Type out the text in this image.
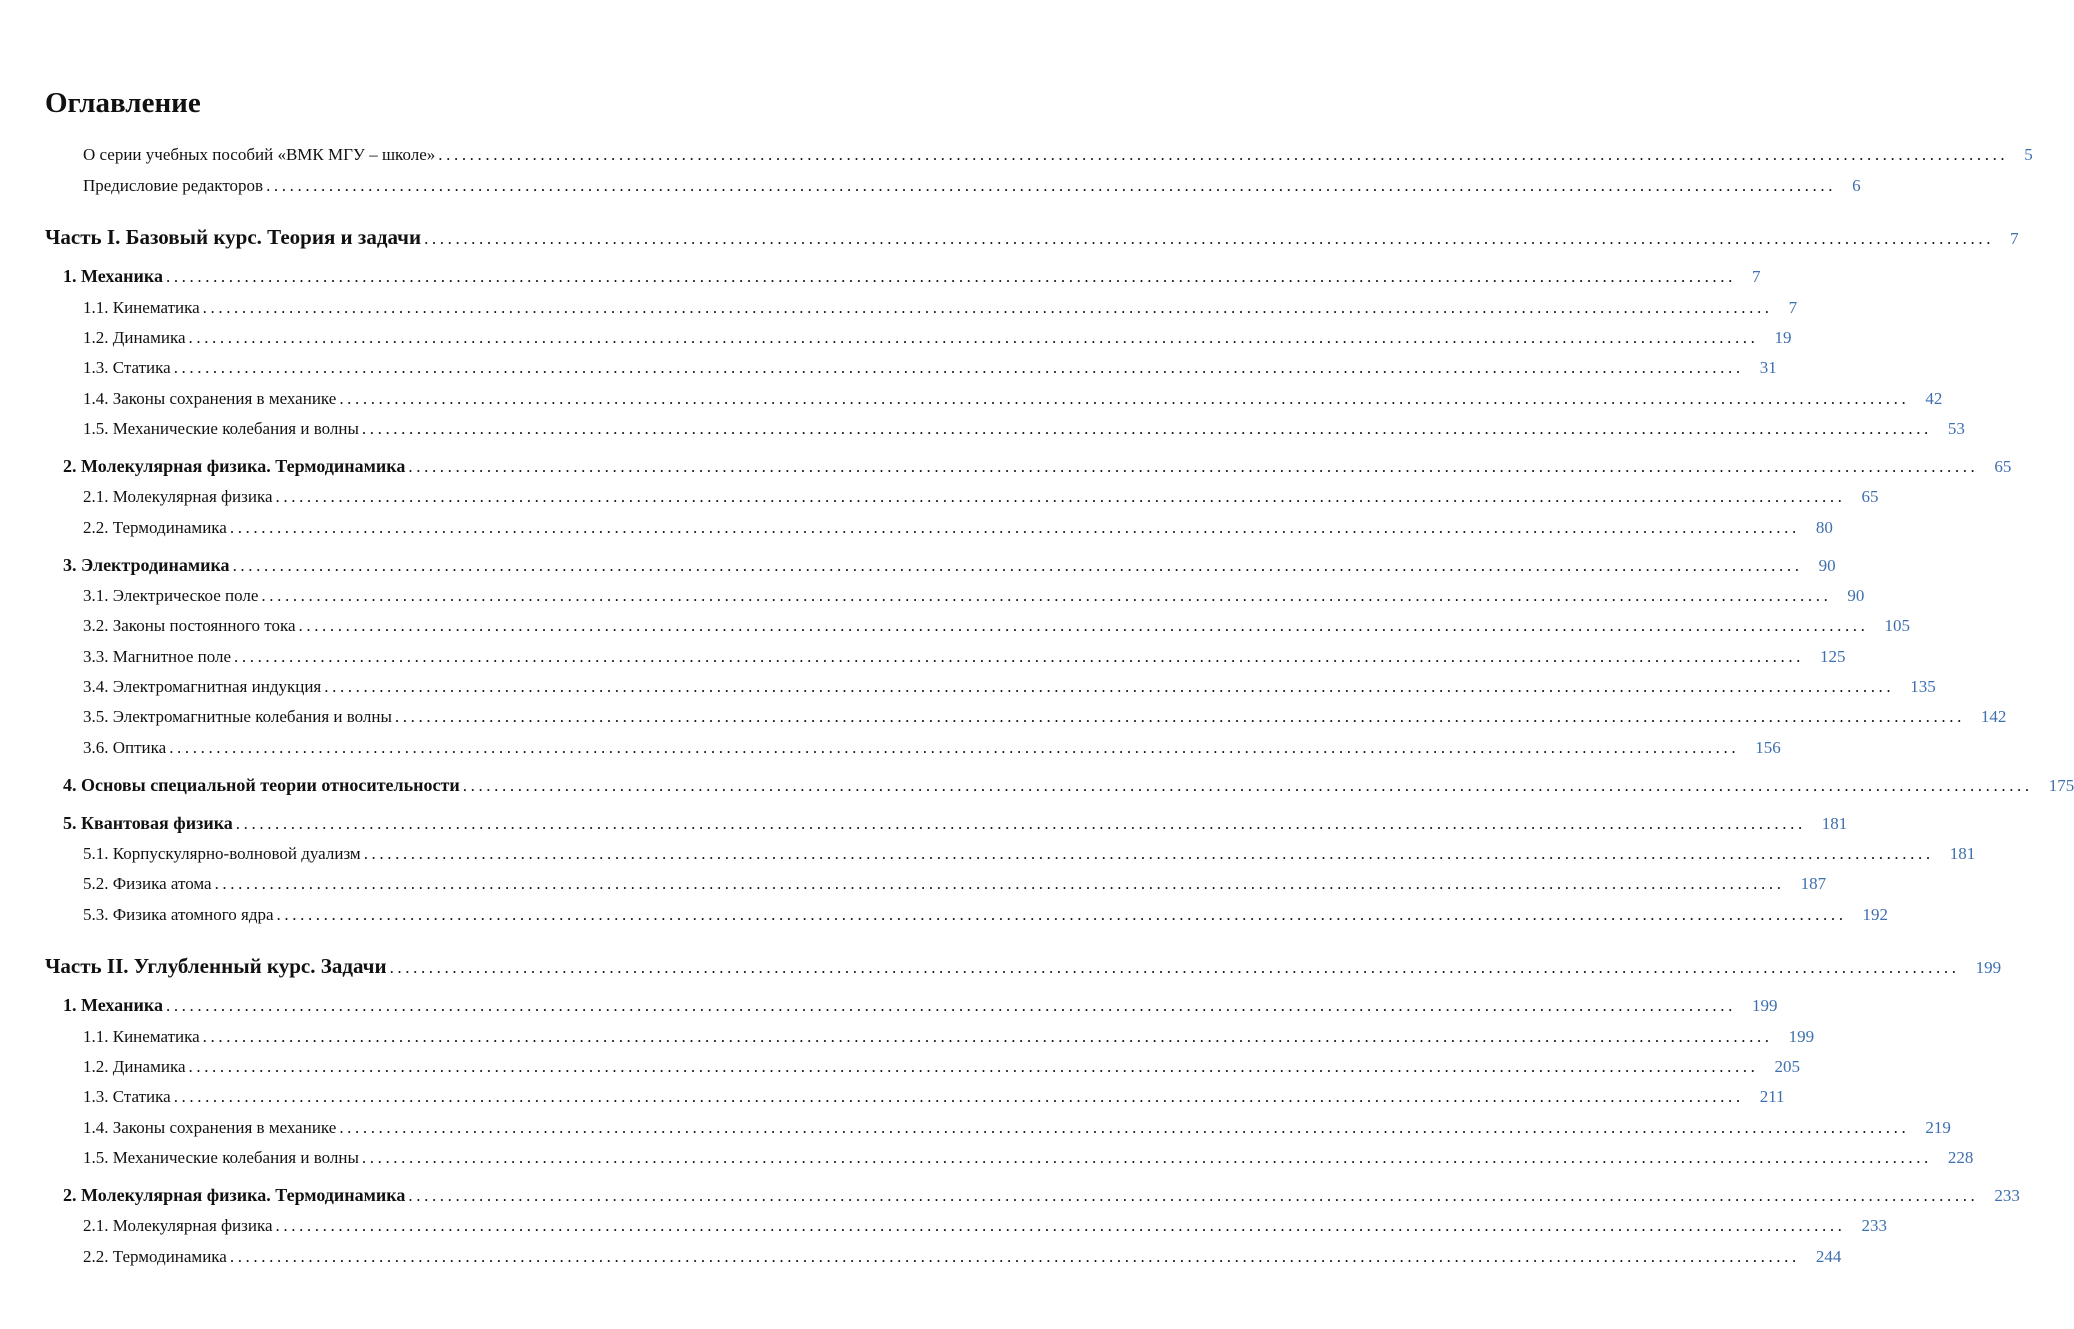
Оглавление
О серии учебных пособий «ВМК МГУ – школе» ........................................................................................................................................................................................................ 5
Предисловие редакторов ........................................................................................................................................................................................................ 6
Часть I. Базовый курс. Теория и задачи ........................................................................................................................................................................................................ 7
1. Механика ........................................................................................................................................................................................................ 7
1.1. Кинематика ........................................................................................................................................................................................................ 7
1.2. Динамика ........................................................................................................................................................................................................ 19
1.3. Статика ........................................................................................................................................................................................................ 31
1.4. Законы сохранения в механике ........................................................................................................................................................................................................ 42
1.5. Механические колебания и волны ........................................................................................................................................................................................................ 53
2. Молекулярная физика. Термодинамика ........................................................................................................................................................................................................ 65
2.1. Молекулярная физика ........................................................................................................................................................................................................ 65
2.2. Термодинамика ........................................................................................................................................................................................................ 80
3. Электродинамика ........................................................................................................................................................................................................ 90
3.1. Электрическое поле ........................................................................................................................................................................................................ 90
3.2. Законы постоянного тока ........................................................................................................................................................................................................ 105
3.3. Магнитное поле ........................................................................................................................................................................................................ 125
3.4. Электромагнитная индукция ........................................................................................................................................................................................................ 135
3.5. Электромагнитные колебания и волны ........................................................................................................................................................................................................ 142
3.6. Оптика ........................................................................................................................................................................................................ 156
4. Основы специальной теории относительности ........................................................................................................................................................................................................ 175
5. Квантовая физика ........................................................................................................................................................................................................ 181
5.1. Корпускулярно-волновой дуализм ........................................................................................................................................................................................................ 181
5.2. Физика атома ........................................................................................................................................................................................................ 187
5.3. Физика атомного ядра ........................................................................................................................................................................................................ 192
Часть II. Углубленный курс. Задачи ........................................................................................................................................................................................................ 199
1. Механика ........................................................................................................................................................................................................ 199
1.1. Кинематика ........................................................................................................................................................................................................ 199
1.2. Динамика ........................................................................................................................................................................................................ 205
1.3. Статика ........................................................................................................................................................................................................ 211
1.4. Законы сохранения в механике ........................................................................................................................................................................................................ 219
1.5. Механические колебания и волны ........................................................................................................................................................................................................ 228
2. Молекулярная физика. Термодинамика ........................................................................................................................................................................................................ 233
2.1. Молекулярная физика ........................................................................................................................................................................................................ 233
2.2. Термодинамика ........................................................................................................................................................................................................ 244
